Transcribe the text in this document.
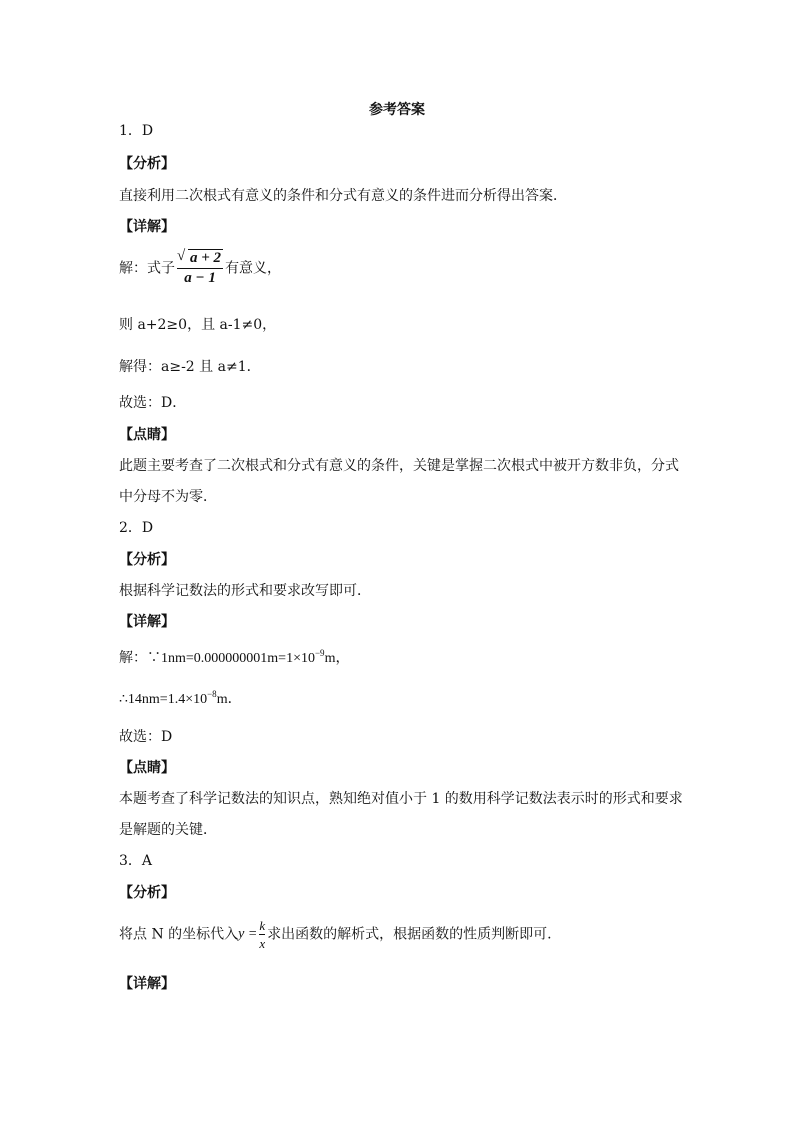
参考答案
1．D
【分析】
直接利用二次根式有意义的条件和分式有意义的条件进而分析得出答案．
【详解】
解：式子 $\frac{√ a + 2}{a - 1}$ 有意义，
则 a+2≥0，且 a-1≠0，
解得：a≥-2 且 a≠1．
故选：D．
【点睛】
此题主要考查了二次根式和分式有意义的条件，关键是掌握二次根式中被开方数非负，分式
中分母不为零．
2．D
【分析】
根据科学记数法的形式和要求改写即可．
【详解】
解：$\because 1nm=0.000000001m=1\times 10^{-9}m$，
$\therefore 14nm=1.4\times 10^{-8}m$．
故选：D
【点睛】
本题考查了科学记数法的知识点，熟知绝对值小于 1 的数用科学记数法表示时的形式和要求
是解题的关键．
3．A
【分析】
将点 N 的坐标代入$y = \frac{k}{x}$ 求出函数的解析式，根据函数的性质判断即可.
【详解】
